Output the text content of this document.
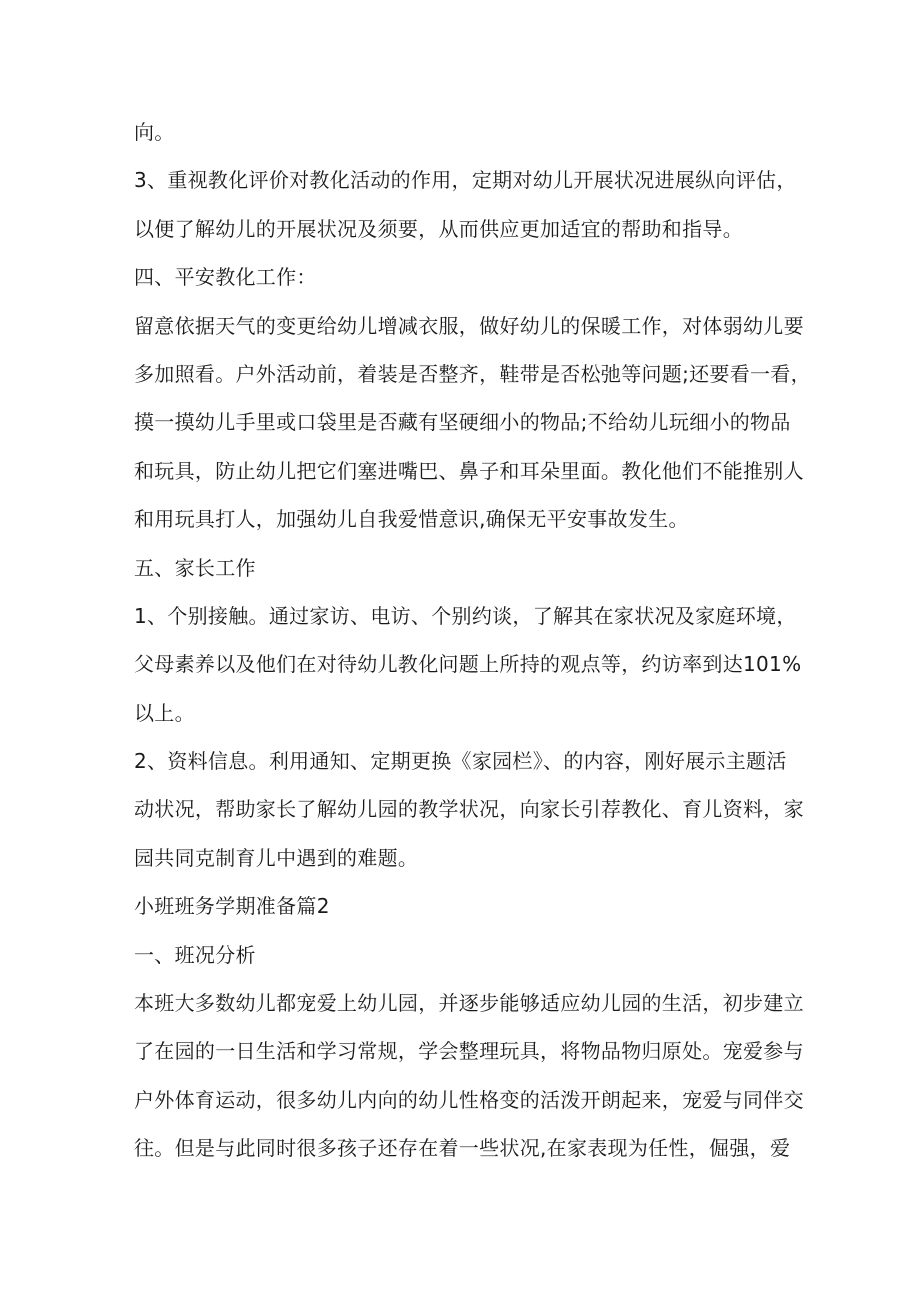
向。
3、重视教化评价对教化活动的作用，定期对幼儿开展状况进展纵向评估，
以便了解幼儿的开展状况及须要，从而供应更加适宜的帮助和指导。
四、平安教化工作：
留意依据天气的变更给幼儿增减衣服，做好幼儿的保暖工作，对体弱幼儿要
多加照看。户外活动前，着装是否整齐，鞋带是否松弛等问题;还要看一看，
摸一摸幼儿手里或口袋里是否藏有坚硬细小的物品;不给幼儿玩细小的物品
和玩具，防止幼儿把它们塞进嘴巴、鼻子和耳朵里面。教化他们不能推别人
和用玩具打人，加强幼儿自我爱惜意识,确保无平安事故发生。
五、家长工作
1、个别接触。通过家访、电访、个别约谈，了解其在家状况及家庭环境，
父母素养以及他们在对待幼儿教化问题上所持的观点等，约访率到达101%
以上。
2、资料信息。利用通知、定期更换《家园栏》、的内容，刚好展示主题活
动状况，帮助家长了解幼儿园的教学状况，向家长引荐教化、育儿资料，家
园共同克制育儿中遇到的难题。
小班班务学期准备篇2
一、班况分析
本班大多数幼儿都宠爱上幼儿园，并逐步能够适应幼儿园的生活，初步建立
了在园的一日生活和学习常规，学会整理玩具，将物品物归原处。宠爱参与
户外体育运动，很多幼儿内向的幼儿性格变的活泼开朗起来，宠爱与同伴交
往。但是与此同时很多孩子还存在着一些状况,在家表现为任性，倔强，爱
